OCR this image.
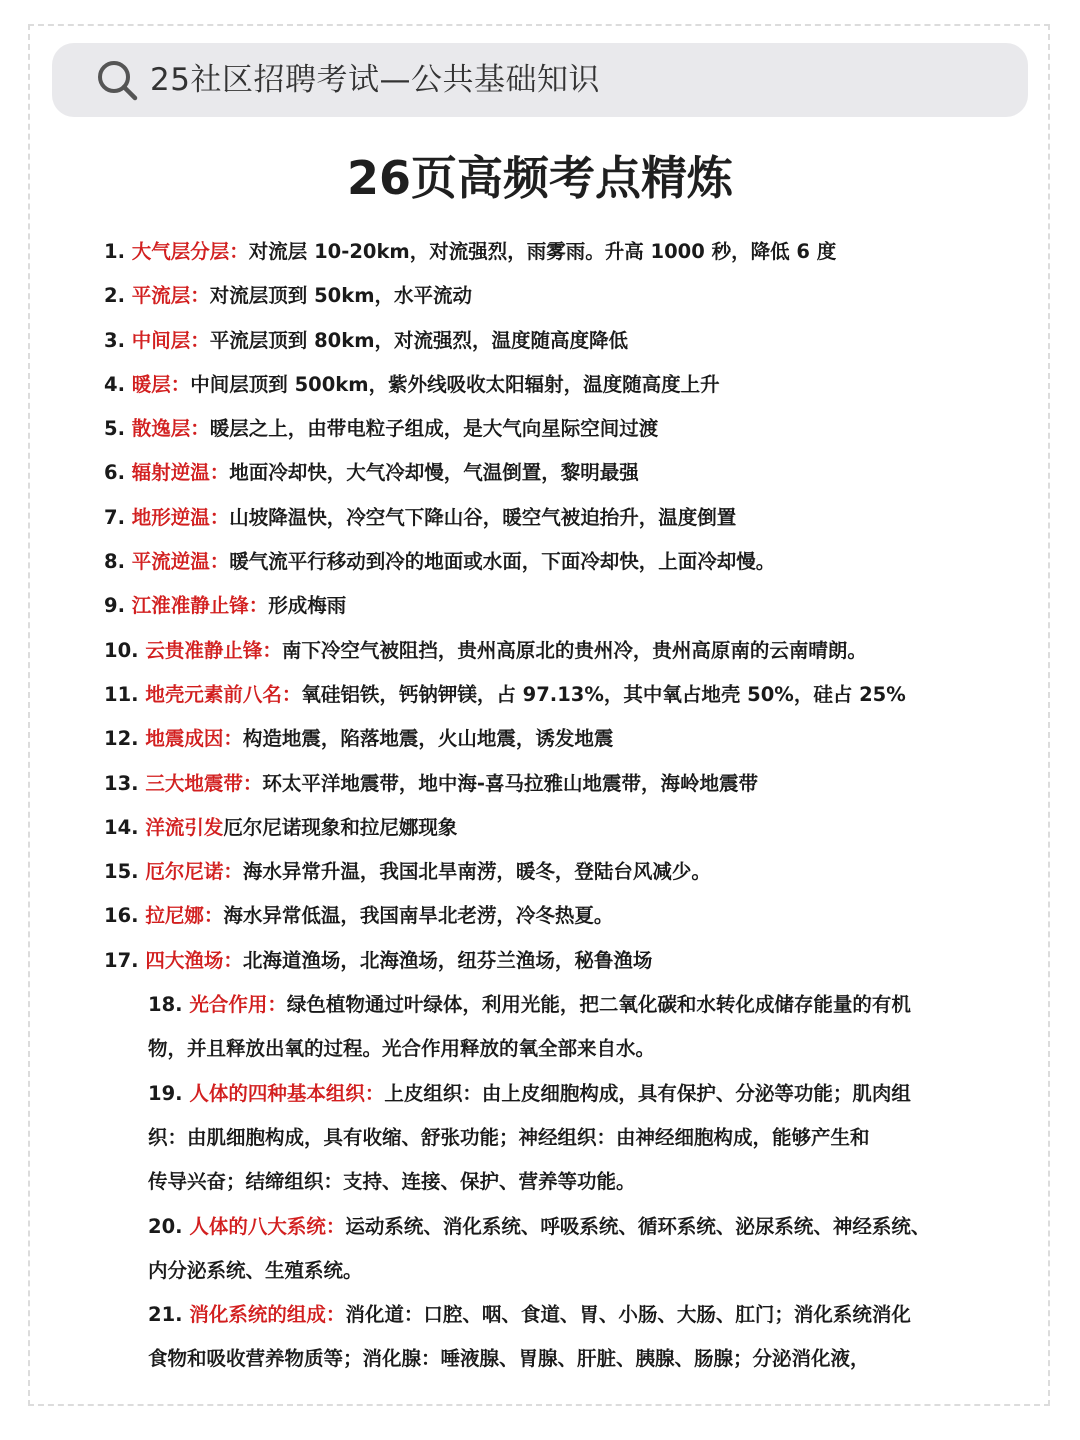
25社区招聘考试—公共基础知识
26页高频考点精炼
1. 大气层分层：对流层 10-20km，对流强烈，雨雾雨。升高 1000 秒，降低 6 度
2. 平流层：对流层顶到 50km，水平流动
3. 中间层：平流层顶到 80km，对流强烈，温度随高度降低
4. 暖层：中间层顶到 500km，紫外线吸收太阳辐射，温度随高度上升
5. 散逸层：暖层之上，由带电粒子组成，是大气向星际空间过渡
6. 辐射逆温：地面冷却快，大气冷却慢，气温倒置，黎明最强
7. 地形逆温：山坡降温快，冷空气下降山谷，暖空气被迫抬升，温度倒置
8. 平流逆温：暖气流平行移动到冷的地面或水面，下面冷却快，上面冷却慢。
9. 江淮准静止锋：形成梅雨
10. 云贵准静止锋：南下冷空气被阻挡，贵州高原北的贵州冷，贵州高原南的云南晴朗。
11. 地壳元素前八名：氧硅铝铁，钙钠钾镁，占 97.13%，其中氧占地壳 50%，硅占 25%
12. 地震成因：构造地震，陷落地震，火山地震，诱发地震
13. 三大地震带：环太平洋地震带，地中海-喜马拉雅山地震带，海岭地震带
14. 洋流引发厄尔尼诺现象和拉尼娜现象
15. 厄尔尼诺：海水异常升温，我国北旱南涝，暖冬，登陆台风减少。
16. 拉尼娜：海水异常低温，我国南旱北老涝，冷冬热夏。
17. 四大渔场：北海道渔场，北海渔场，纽芬兰渔场，秘鲁渔场
18. 光合作用：绿色植物通过叶绿体，利用光能，把二氧化碳和水转化成储存能量的有机
物，并且释放出氧的过程。光合作用释放的氧全部来自水。
19. 人体的四种基本组织：上皮组织：由上皮细胞构成，具有保护、分泌等功能；肌肉组
织：由肌细胞构成，具有收缩、舒张功能；神经组织：由神经细胞构成，能够产生和
传导兴奋；结缔组织：支持、连接、保护、营养等功能。
20. 人体的八大系统：运动系统、消化系统、呼吸系统、循环系统、泌尿系统、神经系统、
内分泌系统、生殖系统。
21. 消化系统的组成：消化道：口腔、咽、食道、胃、小肠、大肠、肛门；消化系统消化
食物和吸收营养物质等；消化腺：唾液腺、胃腺、肝脏、胰腺、肠腺；分泌消化液，
